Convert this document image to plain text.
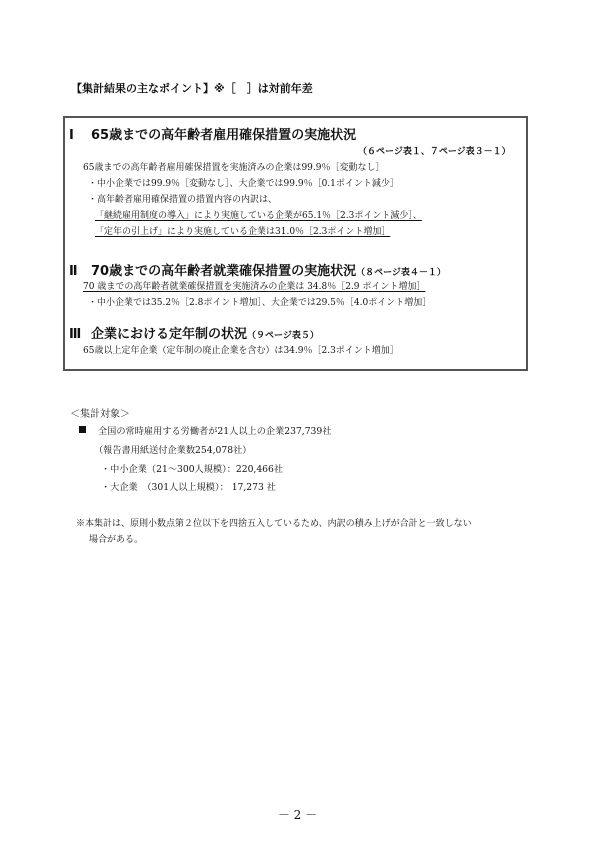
【集計結果の主なポイント】※［　］は対前年差
Ⅰ 65歳までの高年齢者雇用確保措置の実施状況
（６ページ表１、７ページ表３－１）
65歳までの高年齢者雇用確保措置を実施済みの企業は99.9％［変動なし］
・中小企業では99.9％［変動なし］、大企業では99.9％［0.1ポイント減少］
・高年齢者雇用確保措置の措置内容の内訳は、
「継続雇用制度の導入」により実施している企業が65.1％［2.3ポイント減少］、
「定年の引上げ」により実施している企業は31.0％［2.3ポイント増加］
Ⅱ 70歳までの高年齢者就業確保措置の実施状況（８ページ表４－１）
70 歳までの高年齢者就業確保措置を実施済みの企業は 34.8％［2.9 ポイント増加］
・中小企業では35.2％［2.8ポイント増加］、大企業では29.5％［4.0ポイント増加］
Ⅲ 企業における定年制の状況（９ページ表５）
65歳以上定年企業（定年制の廃止企業を含む）は34.9％［2.3ポイント増加］
＜集計対象＞
全国の常時雇用する労働者が21人以上の企業237,739社
（報告書用紙送付企業数254,078社）
・中小企業（21～300人規模）：220,466社
・大企業　（301人以上規模）： 17,273 社
※本集計は、原則小数点第２位以下を四捨五入しているため、内訳の積み上げが合計と一致しない
場合がある。
－ 2 －
